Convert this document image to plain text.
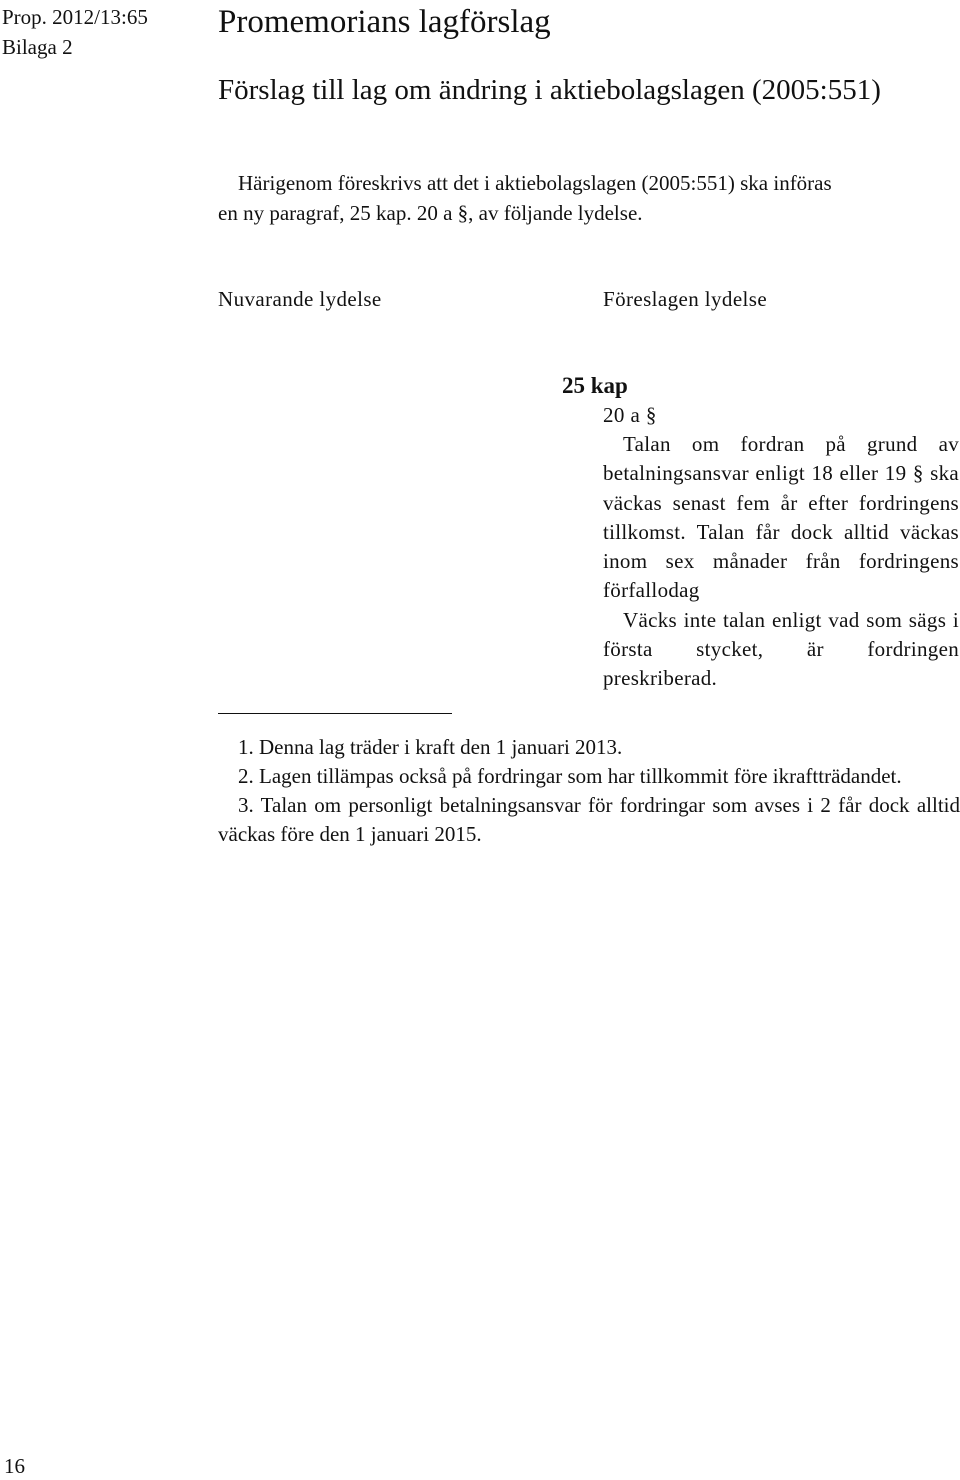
Prop. 2012/13:65
Bilaga 2
Promemorians lagförslag
Förslag till lag om ändring i aktiebolagslagen (2005:551)

Härigenom föreskrivs att det i aktiebolagslagen (2005:551) ska införas

en ny paragraf, 25 kap. 20 a §, av följande lydelse.

Nuvarande lydelse	Föreslagen lydelse
25 kap
20 a §

Talan om fordran på grund av betalningsansvar enligt 18 eller 19 § ska väckas senast fem år efter fordringens tillkomst. Talan får dock alltid väckas inom sex månader från fordringens förfallodag

Väcks inte talan enligt vad som sägs i första stycket, är fordringen preskriberad.

1. Denna lag träder i kraft den 1 januari 2013.

2. Lagen tillämpas också på fordringar som har tillkommit före ikraftträdandet.

3. Talan om personligt betalningsansvar för fordringar som avses i 2 får dock alltid väckas före den 1 januari 2015.

16
